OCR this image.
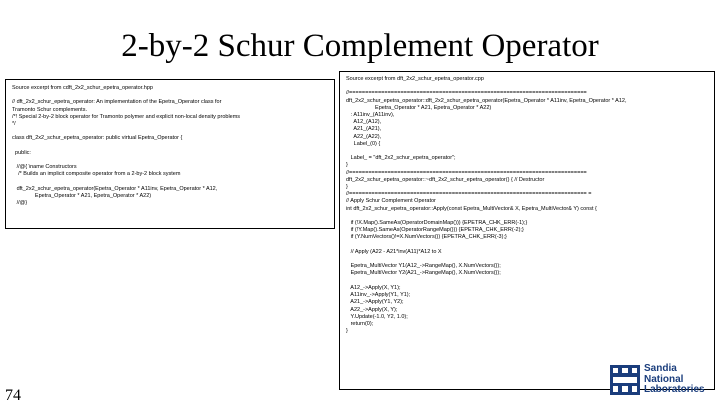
2-by-2 Schur Complement Operator
Source excerpt from cdft_2x2_schur_epetra_operator.hpp

// dft_2x2_schur_epetra_operator: An implementation of the Epetra_Operator class for
Tramonto Schur complements.
/*! Special 2-by-2 block operator for Tramonto polymer and explicit non-local density problems
*/

class dft_2x2_schur_epetra_operator: public virtual Epetra_Operator {

public:

//@{ \name Constructors
/* Builds an implicit composite operator from a 2-by-2 block system

dft_2x2_schur_epetra_operator(Epetra_Operator * A11inv, Epetra_Operator * A12,
Epetra_Operator * A21, Epetra_Operator * A22)
//@}
Source excerpt from dft_2x2_schur_epetra_operator.cpp

//==========================================================================
dft_2x2_schur_epetra_operator::dft_2x2_schur_epetra_operator(Epetra_Operator * A11inv, Epetra_Operator * A12,
Epetra_Operator * A21, Epetra_Operator * A22)
: A11inv_(A11inv),
A12_(A12),
A21_(A21),
A22_(A22),
Label_(0) {

Label_ = "dft_2x2_schur_epetra_operator";
}
//==========================================================================
dft_2x2_schur_epetra_operator::~dft_2x2_schur_epetra_operator() { // Destructor
}
//========================================================================== =
// Apply Schur Complement Operator
int dft_2x2_schur_epetra_operator::Apply(const Epetra_MultiVector& X, Epetra_MultiVector& Y) const {

if (!X.Map().SameAs(OperatorDomainMap())) {EPETRA_CHK_ERR(-1);}
if (!Y.Map().SameAs(OperatorRangeMap())) {EPETRA_CHK_ERR(-2);}
if (Y.NumVectors()!=X.NumVectors()) {EPETRA_CHK_ERR(-3);}

// Apply (A22 - A21*inv(A11)*A12 to X

Epetra_MultiVector Y1(A12_->RangeMap(), X.NumVectors());
Epetra_MultiVector Y2(A21_->RangeMap(), X.NumVectors());

A12_->Apply(X, Y1);
A11inv_->Apply(Y1, Y1);
A21_->Apply(Y1, Y2);
A22_->Apply(X, Y);
Y.Update(-1.0, Y2, 1.0);
return(0);
}
74
Sandia
National
Laboratories
